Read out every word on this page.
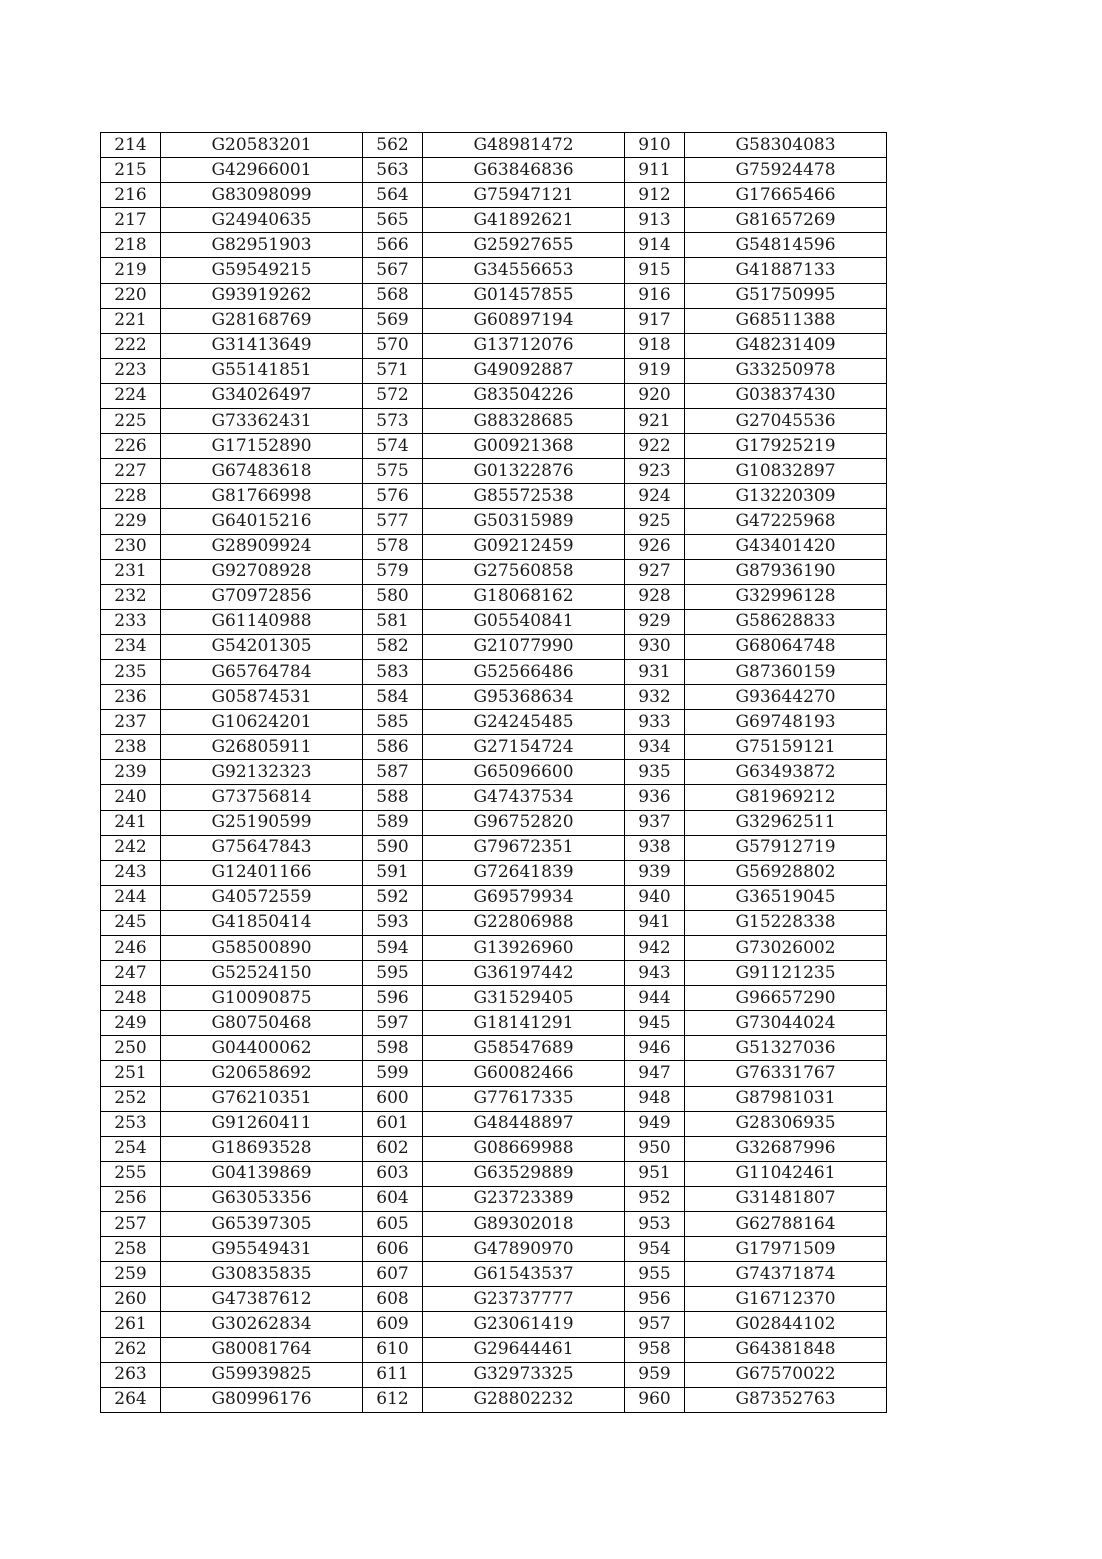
214	G20583201	562	G48981472	910	G58304083
215	G42966001	563	G63846836	911	G75924478
216	G83098099	564	G75947121	912	G17665466
217	G24940635	565	G41892621	913	G81657269
218	G82951903	566	G25927655	914	G54814596
219	G59549215	567	G34556653	915	G41887133
220	G93919262	568	G01457855	916	G51750995
221	G28168769	569	G60897194	917	G68511388
222	G31413649	570	G13712076	918	G48231409
223	G55141851	571	G49092887	919	G33250978
224	G34026497	572	G83504226	920	G03837430
225	G73362431	573	G88328685	921	G27045536
226	G17152890	574	G00921368	922	G17925219
227	G67483618	575	G01322876	923	G10832897
228	G81766998	576	G85572538	924	G13220309
229	G64015216	577	G50315989	925	G47225968
230	G28909924	578	G09212459	926	G43401420
231	G92708928	579	G27560858	927	G87936190
232	G70972856	580	G18068162	928	G32996128
233	G61140988	581	G05540841	929	G58628833
234	G54201305	582	G21077990	930	G68064748
235	G65764784	583	G52566486	931	G87360159
236	G05874531	584	G95368634	932	G93644270
237	G10624201	585	G24245485	933	G69748193
238	G26805911	586	G27154724	934	G75159121
239	G92132323	587	G65096600	935	G63493872
240	G73756814	588	G47437534	936	G81969212
241	G25190599	589	G96752820	937	G32962511
242	G75647843	590	G79672351	938	G57912719
243	G12401166	591	G72641839	939	G56928802
244	G40572559	592	G69579934	940	G36519045
245	G41850414	593	G22806988	941	G15228338
246	G58500890	594	G13926960	942	G73026002
247	G52524150	595	G36197442	943	G91121235
248	G10090875	596	G31529405	944	G96657290
249	G80750468	597	G18141291	945	G73044024
250	G04400062	598	G58547689	946	G51327036
251	G20658692	599	G60082466	947	G76331767
252	G76210351	600	G77617335	948	G87981031
253	G91260411	601	G48448897	949	G28306935
254	G18693528	602	G08669988	950	G32687996
255	G04139869	603	G63529889	951	G11042461
256	G63053356	604	G23723389	952	G31481807
257	G65397305	605	G89302018	953	G62788164
258	G95549431	606	G47890970	954	G17971509
259	G30835835	607	G61543537	955	G74371874
260	G47387612	608	G23737777	956	G16712370
261	G30262834	609	G23061419	957	G02844102
262	G80081764	610	G29644461	958	G64381848
263	G59939825	611	G32973325	959	G67570022
264	G80996176	612	G28802232	960	G87352763
